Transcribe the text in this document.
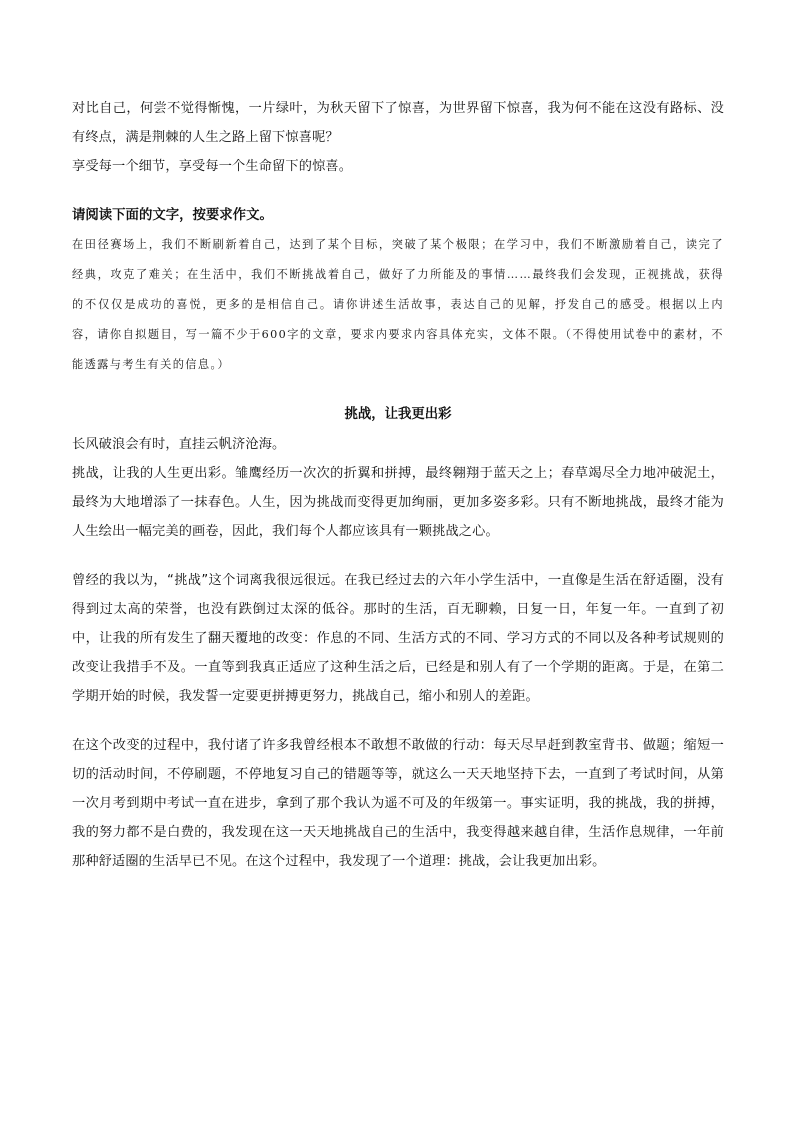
对比自己，何尝不觉得惭愧，一片绿叶，为秋天留下了惊喜，为世界留下惊喜，我为何不能在这没有路标、没有终点，满是荆棘的人生之路上留下惊喜呢？

享受每一个细节，享受每一个生命留下的惊喜。

请阅读下面的文字，按要求作文。

在田径赛场上，我们不断刷新着自己，达到了某个目标，突破了某个极限；在学习中，我们不断激励着自己，读完了经典，攻克了难关；在生活中，我们不断挑战着自己，做好了力所能及的事情……最终我们会发现，正视挑战，获得的不仅仅是成功的喜悦，更多的是相信自己。请你讲述生活故事，表达自己的见解，抒发自己的感受。根据以上内容，请你自拟题目，写一篇不少于600字的文章，要求内要求内容具体充实，文体不限。（不得使用试卷中的素材，不能透露与考生有关的信息。）

挑战，让我更出彩

长风破浪会有时，直挂云帆济沧海。

挑战，让我的人生更出彩。雏鹰经历一次次的折翼和拼搏，最终翱翔于蓝天之上；春草竭尽全力地冲破泥土，最终为大地增添了一抹春色。人生，因为挑战而变得更加绚丽，更加多姿多彩。只有不断地挑战，最终才能为人生绘出一幅完美的画卷，因此，我们每个人都应该具有一颗挑战之心。

曾经的我以为，“挑战”这个词离我很远很远。在我已经过去的六年小学生活中，一直像是生活在舒适圈，没有得到过太高的荣誉，也没有跌倒过太深的低谷。那时的生活，百无聊赖，日复一日，年复一年。一直到了初中，让我的所有发生了翻天覆地的改变：作息的不同、生活方式的不同、学习方式的不同以及各种考试规则的改变让我措手不及。一直等到我真正适应了这种生活之后，已经是和别人有了一个学期的距离。于是，在第二学期开始的时候，我发誓一定要更拼搏更努力，挑战自己，缩小和别人的差距。

在这个改变的过程中，我付诸了许多我曾经根本不敢想不敢做的行动：每天尽早赶到教室背书、做题；缩短一切的活动时间，不停刷题，不停地复习自己的错题等等，就这么一天天地坚持下去，一直到了考试时间，从第一次月考到期中考试一直在进步，拿到了那个我认为遥不可及的年级第一。事实证明，我的挑战，我的拼搏，我的努力都不是白费的，我发现在这一天天地挑战自己的生活中，我变得越来越自律，生活作息规律，一年前那种舒适圈的生活早已不见。在这个过程中，我发现了一个道理：挑战，会让我更加出彩。
